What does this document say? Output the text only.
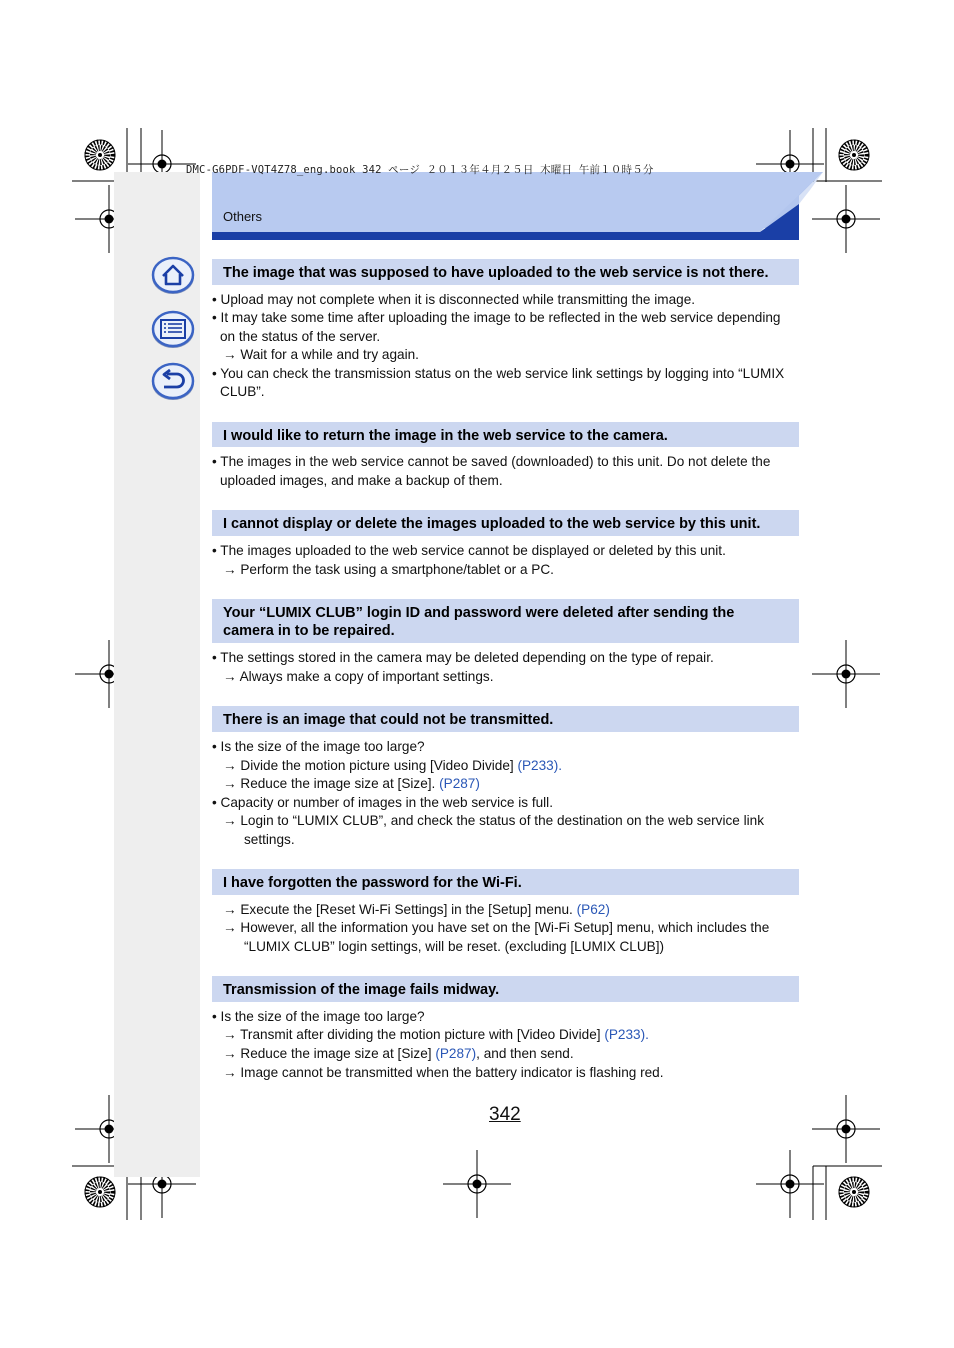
DMC-G6PDF-VQT4Z78_eng.book 342 ページ ２０１３年４月２５日 木曜日 午前１０時５分
Others
The image that was supposed to have uploaded to the web service is not there.
• Upload may not complete when it is disconnected while transmitting the image.
• It may take some time after uploading the image to be reflected in the web service depending
on the status of the server.
→ Wait for a while and try again.
• You can check the transmission status on the web service link settings by logging into “LUMIX
CLUB”.
I would like to return the image in the web service to the camera.
• The images in the web service cannot be saved (downloaded) to this unit. Do not delete the
uploaded images, and make a backup of them.
I cannot display or delete the images uploaded to the web service by this unit.
• The images uploaded to the web service cannot be displayed or deleted by this unit.
→ Perform the task using a smartphone/tablet or a PC.
Your “LUMIX CLUB” login ID and password were deleted after sending the
camera in to be repaired.
• The settings stored in the camera may be deleted depending on the type of repair.
→ Always make a copy of important settings.
There is an image that could not be transmitted.
• Is the size of the image too large?
→ Divide the motion picture using [Video Divide] (P233).
→ Reduce the image size at [Size]. (P287)
• Capacity or number of images in the web service is full.
→ Login to “LUMIX CLUB”, and check the status of the destination on the web service link
settings.
I have forgotten the password for the Wi-Fi.
→ Execute the [Reset Wi-Fi Settings] in the [Setup] menu. (P62)
→ However, all the information you have set on the [Wi-Fi Setup] menu, which includes the
“LUMIX CLUB” login settings, will be reset. (excluding [LUMIX CLUB])
Transmission of the image fails midway.
• Is the size of the image too large?
→ Transmit after dividing the motion picture with [Video Divide] (P233).
→ Reduce the image size at [Size] (P287), and then send.
→ Image cannot be transmitted when the battery indicator is flashing red.
342
